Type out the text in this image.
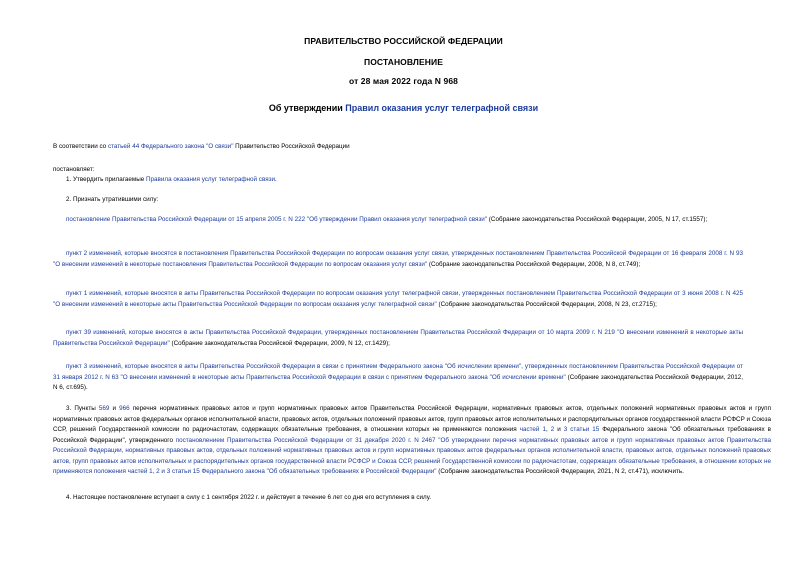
ПРАВИТЕЛЬСТВО РОССИЙСКОЙ ФЕДЕРАЦИИ
ПОСТАНОВЛЕНИЕ
от 28 мая 2022 года N 968
Об утверждении Правил оказания услуг телеграфной связи

В соответствии со статьей 44 Федерального закона "О связи" Правительство Российской Федерации

постановляет:

1. Утвердить прилагаемые Правила оказания услуг телеграфной связи.

2. Признать утратившими силу:

постановление Правительства Российской Федерации от 15 апреля 2005 г. N 222 "Об утверждении Правил оказания услуг телеграфной связи" (Собрание законодательства Российской Федерации, 2005, N 17, ст.1557);

пункт 2 изменений, которые вносятся в постановления Правительства Российской Федерации по вопросам оказания услуг связи, утвержденных постановлением Правительства Российской Федерации от 16 февраля 2008 г. N 93 "О внесении изменений в некоторые постановления Правительства Российской Федерации по вопросам оказания услуг связи" (Собрание законодательства Российской Федерации, 2008, N 8, ст.749);

пункт 1 изменений, которые вносятся в акты Правительства Российской Федерации по вопросам оказания услуг телеграфной связи, утвержденных постановлением Правительства Российской Федерации от 3 июня 2008 г. N 425 "О внесении изменений в некоторые акты Правительства Российской Федерации по вопросам оказания услуг телеграфной связи" (Собрание законодательства Российской Федерации, 2008, N 23, ст.2715);

пункт 39 изменений, которые вносятся в акты Правительства Российской Федерации, утвержденных постановлением Правительства Российской Федерации от 10 марта 2009 г. N 219 "О внесении изменений в некоторые акты Правительства Российской Федерации" (Собрание законодательства Российской Федерации, 2009, N 12, ст.1429);

пункт 3 изменений, которые вносятся в акты Правительства Российской Федерации в связи с принятием Федерального закона "Об исчислении времени", утвержденных постановлением Правительства Российской Федерации от 31 января 2012 г. N 63 "О внесении изменений в некоторые акты Правительства Российской Федерации в связи с принятием Федерального закона "Об исчислении времени" (Собрание законодательства Российской Федерации, 2012, N 6, ст.695).

3. Пункты 569 и 966 перечня нормативных правовых актов и групп нормативных правовых актов Правительства Российской Федерации, нормативных правовых актов, отдельных положений нормативных правовых актов и групп нормативных правовых актов федеральных органов исполнительной власти, правовых актов, отдельных положений правовых актов, групп правовых актов исполнительных и распорядительных органов государственной власти РСФСР и Союза ССР, решений Государственной комиссии по радиочастотам, содержащих обязательные требования, в отношении которых не применяются положения частей 1, 2 и 3 статьи 15 Федерального закона "Об обязательных требованиях в Российской Федерации", утвержденного постановлением Правительства Российской Федерации от 31 декабря 2020 г. N 2467 "Об утверждении перечня нормативных правовых актов и групп нормативных правовых актов Правительства Российской Федерации, нормативных правовых актов, отдельных положений нормативных правовых актов и групп нормативных правовых актов федеральных органов исполнительной власти, правовых актов, отдельных положений правовых актов, групп правовых актов исполнительных и распорядительных органов государственной власти РСФСР и Союза ССР, решений Государственной комиссии по радиочастотам, содержащих обязательные требования, в отношении которых не применяются положения частей 1, 2 и 3 статьи 15 Федерального закона "Об обязательных требованиях в Российской Федерации" (Собрание законодательства Российской Федерации, 2021, N 2, ст.471), исключить.

4. Настоящее постановление вступает в силу с 1 сентября 2022 г. и действует в течение 6 лет со дня его вступления в силу.
